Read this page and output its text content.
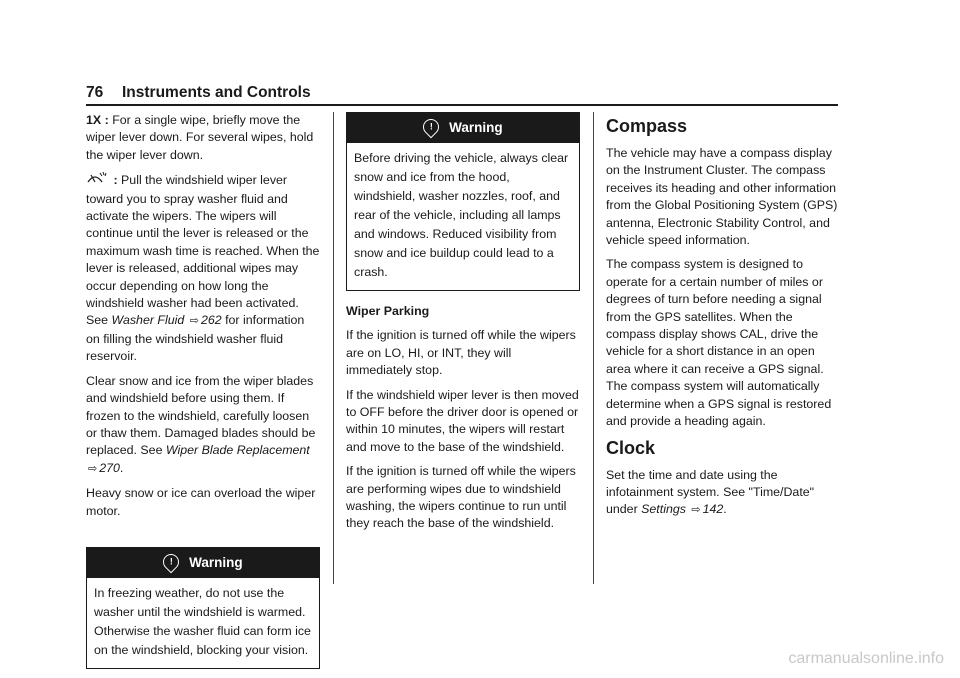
76 Instruments and Controls

1X : For a single wipe, briefly move the wiper lever down. For several wipes, hold the wiper lever down.

: Pull the windshield wiper lever toward you to spray washer fluid and activate the wipers. The wipers will continue until the lever is released or the maximum wash time is reached. When the lever is released, additional wipes may occur depending on how long the windshield washer had been activated. See Washer Fluid ⇨ 262 for information on filling the windshield washer fluid reservoir.

Clear snow and ice from the wiper blades and windshield before using them. If frozen to the windshield, carefully loosen or thaw them. Damaged blades should be replaced. See Wiper Blade Replacement ⇨ 270.

Heavy snow or ice can overload the wiper motor.

! Warning

In freezing weather, do not use the washer until the windshield is warmed. Otherwise the washer fluid can form ice on the windshield, blocking your vision.

! Warning

Before driving the vehicle, always clear snow and ice from the hood, windshield, washer nozzles, roof, and rear of the vehicle, including all lamps and windows. Reduced visibility from snow and ice buildup could lead to a crash.

Wiper Parking

If the ignition is turned off while the wipers are on LO, HI, or INT, they will immediately stop.

If the windshield wiper lever is then moved to OFF before the driver door is opened or within 10 minutes, the wipers will restart and move to the base of the windshield.

If the ignition is turned off while the wipers are performing wipes due to windshield washing, the wipers continue to run until they reach the base of the windshield.

Compass

The vehicle may have a compass display on the Instrument Cluster. The compass receives its heading and other information from the Global Positioning System (GPS) antenna, Electronic Stability Control, and vehicle speed information.

The compass system is designed to operate for a certain number of miles or degrees of turn before needing a signal from the GPS satellites. When the compass display shows CAL, drive the vehicle for a short distance in an open area where it can receive a GPS signal. The compass system will automatically determine when a GPS signal is restored and provide a heading again.

Clock

Set the time and date using the infotainment system. See "Time/Date" under Settings ⇨ 142.

carmanualsonline.info
